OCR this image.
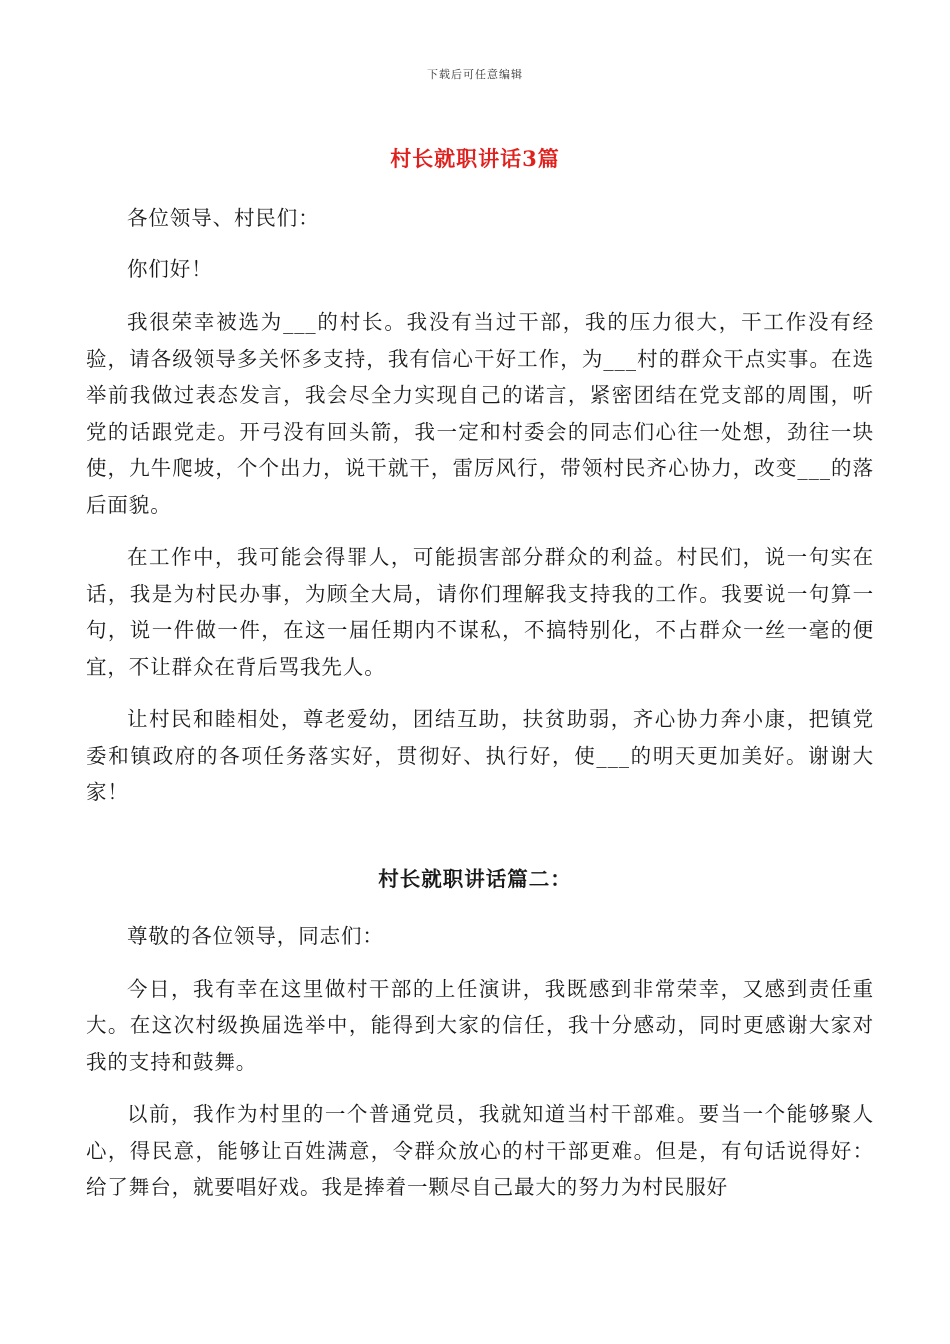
下载后可任意编辑
村长就职讲话3篇

各位领导、村民们：

你们好！

我很荣幸被选为___的村长。我没有当过干部，我的压力很大，干工作没有经验，请各级领导多关怀多支持，我有信心干好工作，为___村的群众干点实事。在选举前我做过表态发言，我会尽全力实现自己的诺言，紧密团结在党支部的周围，听党的话跟党走。开弓没有回头箭，我一定和村委会的同志们心往一处想，劲往一块使，九牛爬坡，个个出力，说干就干，雷厉风行，带领村民齐心协力，改变___的落后面貌。

在工作中，我可能会得罪人，可能损害部分群众的利益。村民们，说一句实在话，我是为村民办事，为顾全大局，请你们理解我支持我的工作。我要说一句算一句，说一件做一件，在这一届任期内不谋私，不搞特别化，不占群众一丝一毫的便宜，不让群众在背后骂我先人。

让村民和睦相处，尊老爱幼，团结互助，扶贫助弱，齐心协力奔小康，把镇党委和镇政府的各项任务落实好，贯彻好、执行好，使___的明天更加美好。谢谢大家！

村长就职讲话篇二：

尊敬的各位领导，同志们：

今日，我有幸在这里做村干部的上任演讲，我既感到非常荣幸，又感到责任重大。在这次村级换届选举中，能得到大家的信任，我十分感动，同时更感谢大家对我的支持和鼓舞。

以前，我作为村里的一个普通党员，我就知道当村干部难。要当一个能够聚人心，得民意，能够让百姓满意，令群众放心的村干部更难。但是，有句话说得好：给了舞台，就要唱好戏。我是捧着一颗尽自己最大的努力为村民服好
